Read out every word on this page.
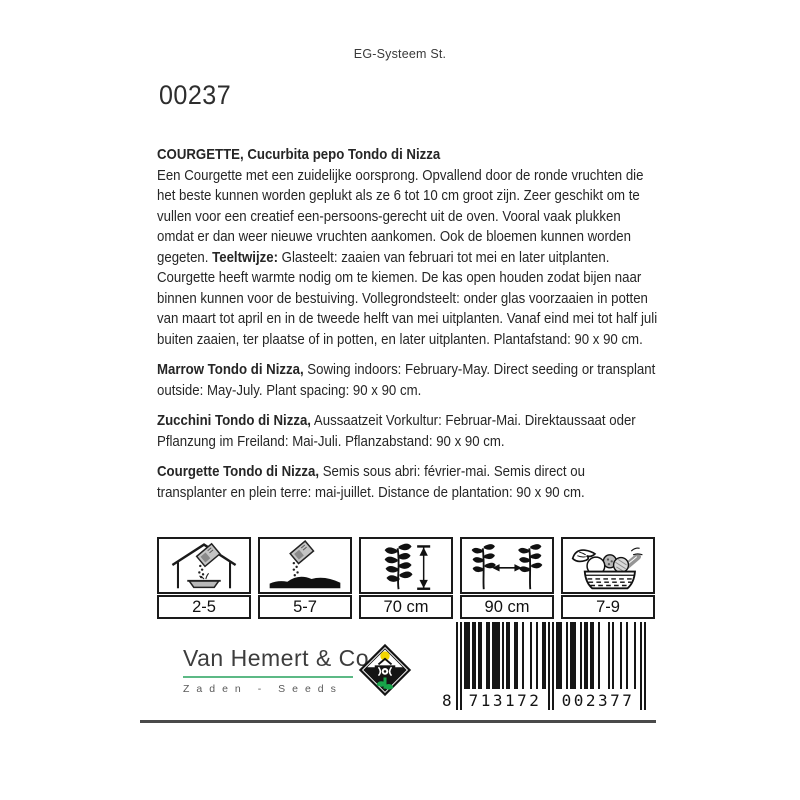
EG-Systeem St.
00237
COURGETTE, Cucurbita pepo Tondo di Nizza

Een Courgette met een zuidelijke oorsprong. Opvallend door de ronde vruchten die het beste kunnen worden geplukt als ze 6 tot 10 cm groot zijn. Zeer geschikt om te vullen voor een creatief een-persoons-gerecht uit de oven. Vooral vaak plukken omdat er dan weer nieuwe vruchten aankomen. Ook de bloemen kunnen worden gegeten. Teeltwijze: Glasteelt: zaaien van februari tot mei en later uitplanten. Courgette heeft warmte nodig om te kiemen. De kas open houden zodat bijen naar binnen kunnen voor de bestuiving. Vollegrondsteelt: onder glas voorzaaien in potten van maart tot april en in de tweede helft van mei uitplanten. Vanaf eind mei tot half juli buiten zaaien, ter plaatse of in potten, en later uitplanten. Plantafstand: 90 x 90 cm.

Marrow Tondo di Nizza, Sowing indoors: February-May. Direct seeding or transplant outside: May-July. Plant spacing: 90 x 90 cm.

Zucchini Tondo di Nizza, Aussaatzeit Vorkultur: Februar-Mai. Direktaussaat oder Pflanzung im Freiland: Mai-Juli. Pflanzabstand: 90 x 90 cm.

Courgette Tondo di Nizza, Semis sous abri: février-mai. Semis direct ou transplanter en plein terre: mai-juillet. Distance de plantation: 90 x 90 cm.

2-5	5-7	70 cm	90 cm	7-9
Van Hemert & Co
Zaden - Seeds
8 713172 002377
